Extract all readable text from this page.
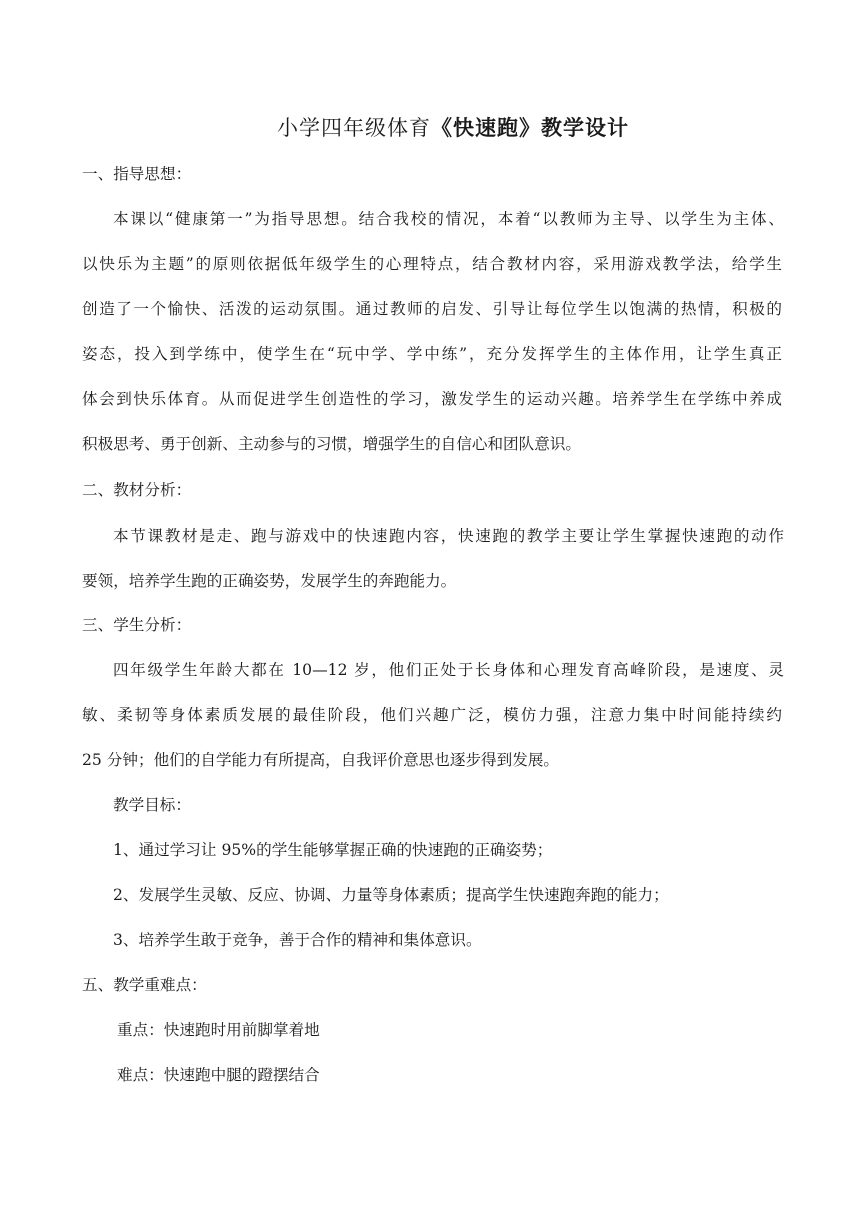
小学四年级体育《快速跑》教学设计
一、指导思想：
本课以“健康第一”为指导思想。结合我校的情况，本着“以教师为主导、以学生为主体、
以快乐为主题”的原则依据低年级学生的心理特点，结合教材内容，采用游戏教学法，给学生
创造了一个愉快、活泼的运动氛围。通过教师的启发、引导让每位学生以饱满的热情，积极的
姿态，投入到学练中，使学生在“玩中学、学中练”，充分发挥学生的主体作用，让学生真正
体会到快乐体育。从而促进学生创造性的学习，激发学生的运动兴趣。培养学生在学练中养成
积极思考、勇于创新、主动参与的习惯，增强学生的自信心和团队意识。
二、教材分析：
本节课教材是走、跑与游戏中的快速跑内容，快速跑的教学主要让学生掌握快速跑的动作
要领，培养学生跑的正确姿势，发展学生的奔跑能力。
三、学生分析：
四年级学生年龄大都在 10—12 岁，他们正处于长身体和心理发育高峰阶段，是速度、灵
敏、柔韧等身体素质发展的最佳阶段，他们兴趣广泛，模仿力强，注意力集中时间能持续约
25 分钟；他们的自学能力有所提高，自我评价意思也逐步得到发展。
教学目标：
1、通过学习让 95%的学生能够掌握正确的快速跑的正确姿势；
2、发展学生灵敏、反应、协调、力量等身体素质；提高学生快速跑奔跑的能力；
3、培养学生敢于竞争，善于合作的精神和集体意识。
五、教学重难点：
重点：快速跑时用前脚掌着地
难点：快速跑中腿的蹬摆结合
